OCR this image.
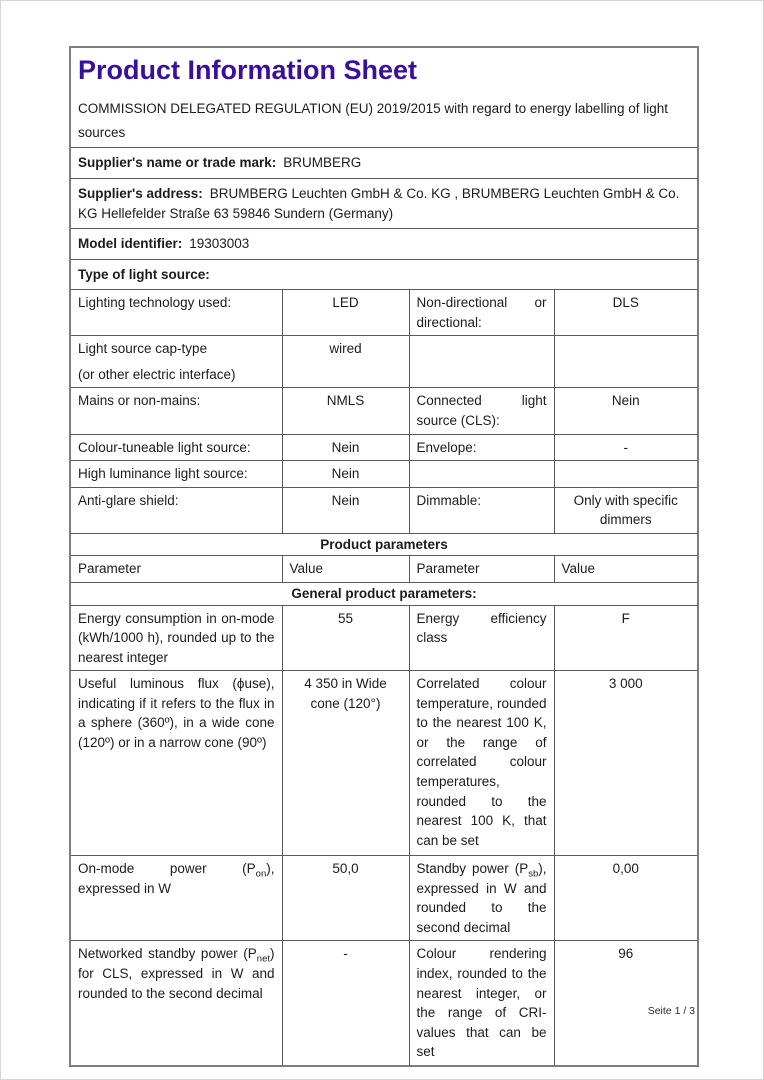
Product Information Sheet
COMMISSION DELEGATED REGULATION (EU) 2019/2015 with regard to energy labelling of light sources			

Supplier's name or trade mark: BRUMBERG			
Supplier's address: BRUMBERG Leuchten GmbH & Co. KG , BRUMBERG Leuchten GmbH & Co. KG Hellefelder Straße 63 59846 Sundern (Germany)			
Model identifier: 19303003			
Type of light source:			
Lighting technology used:	LED	Non-directional or directional:	DLS

Light source cap-type
(or other electric interface)	wired		
Mains or non-mains:	NMLS	Connected light source (CLS):	Nein
Colour-tuneable light source:	Nein	Envelope:	-
High luminance light source:	Nein		
Anti-glare shield:	Nein	Dimmable:	Only with specific dimmers
Product parameters			
Parameter	Value	Parameter	Value
General product parameters:			
Energy consumption in on-mode (kWh/1000 h), rounded up to the nearest integer	55	Energy efficiency class	F
Useful luminous flux (ϕuse), indicating if it refers to the flux in a sphere (360º), in a wide cone (120º) or in a narrow cone (90º)	4 350 in Wide cone (120°)	Correlated colour temperature, rounded to the nearest 100 K, or the range of correlated colour temperatures, rounded to the nearest 100 K, that can be set	3 000
On-mode power $(P_{on})$, expressed in W	50,0	Standby power $(P_{sb})$, expressed in W and rounded to the second decimal	0,00
Networked standby power $(P_{net})$ for CLS, expressed in W and rounded to the second decimal	-	Colour rendering index, rounded to the nearest integer, or the range of CRI-values that can be set	96
Seite 1 / 3
